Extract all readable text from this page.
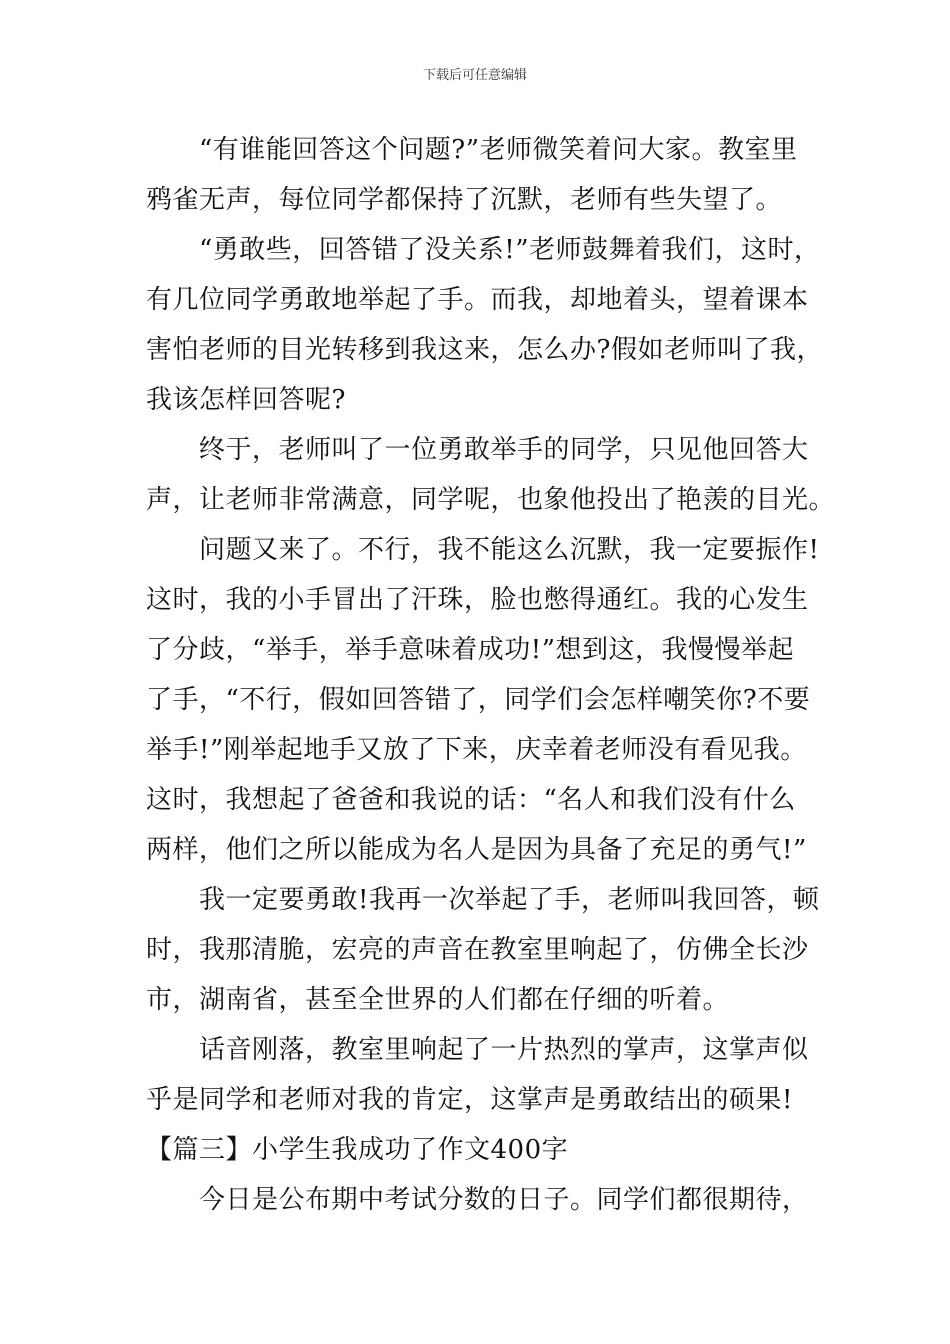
下载后可任意编辑
　　“有谁能回答这个问题?”老师微笑着问大家。教室里
鸦雀无声，每位同学都保持了沉默，老师有些失望了。
　　“勇敢些，回答错了没关系!”老师鼓舞着我们，这时，
有几位同学勇敢地举起了手。而我，却地着头，望着课本
害怕老师的目光转移到我这来，怎么办?假如老师叫了我，
我该怎样回答呢?
　　终于，老师叫了一位勇敢举手的同学，只见他回答大
声，让老师非常满意，同学呢，也象他投出了艳羡的目光。
　　问题又来了。不行，我不能这么沉默，我一定要振作!
这时，我的小手冒出了汗珠，脸也憋得通红。我的心发生
了分歧，“举手，举手意味着成功!”想到这，我慢慢举起
了手，“不行，假如回答错了，同学们会怎样嘲笑你?不要
举手!”刚举起地手又放了下来，庆幸着老师没有看见我。
这时，我想起了爸爸和我说的话：“名人和我们没有什么
两样，他们之所以能成为名人是因为具备了充足的勇气!”
　　我一定要勇敢!我再一次举起了手，老师叫我回答，顿
时，我那清脆，宏亮的声音在教室里响起了，仿佛全长沙
市，湖南省，甚至全世界的人们都在仔细的听着。
　　话音刚落，教室里响起了一片热烈的掌声，这掌声似
乎是同学和老师对我的肯定，这掌声是勇敢结出的硕果!
【篇三】小学生我成功了作文400字
　　今日是公布期中考试分数的日子。同学们都很期待，
